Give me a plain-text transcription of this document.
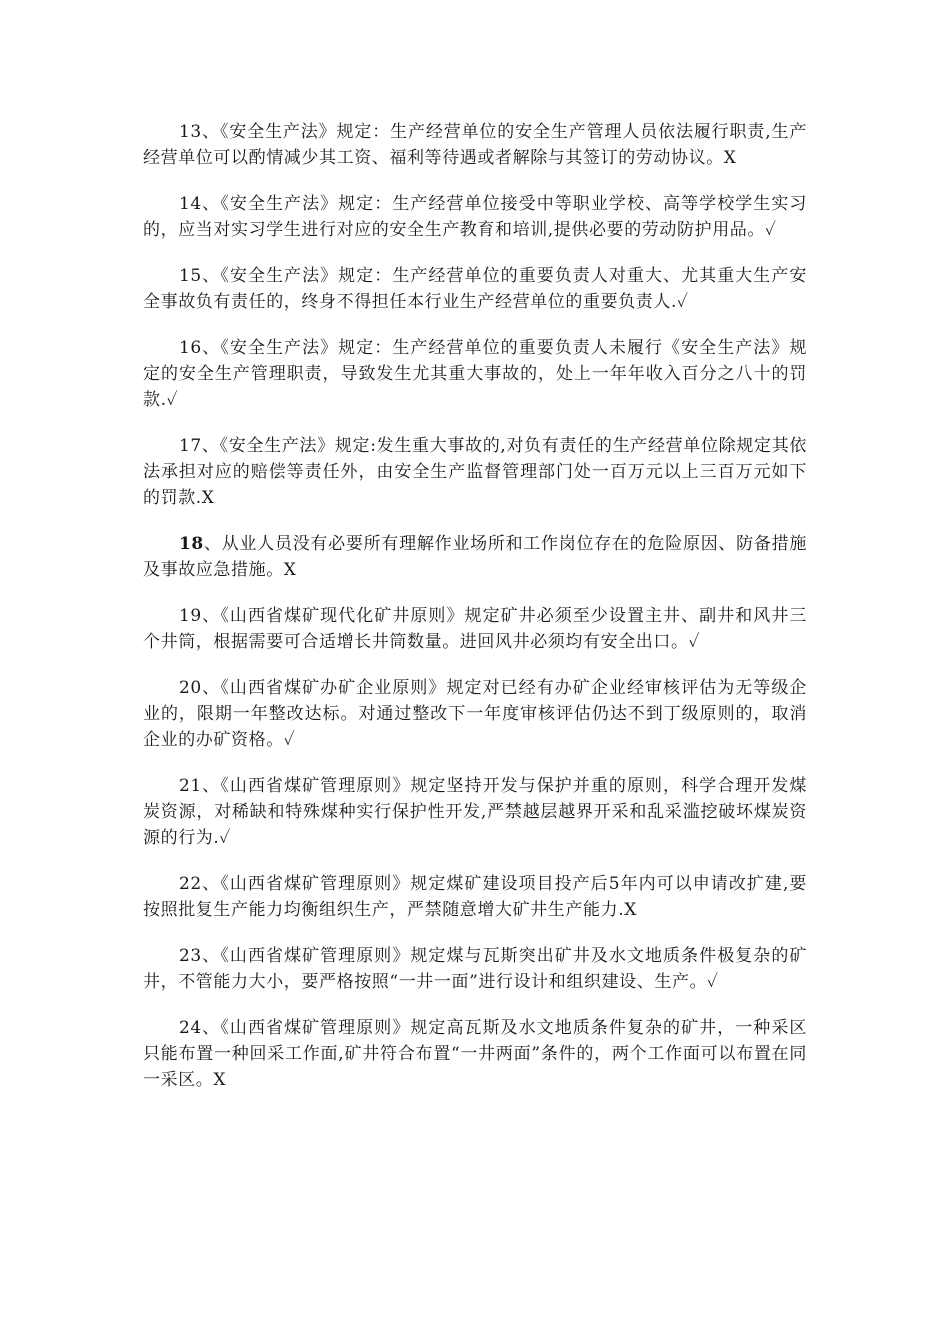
13、《安全生产法》规定：生产经营单位的安全生产管理人员依法履行职责,生产经营单位可以酌情减少其工资、福利等待遇或者解除与其签订的劳动协议。X

14、《安全生产法》规定：生产经营单位接受中等职业学校、高等学校学生实习的，应当对实习学生进行对应的安全生产教育和培训,提供必要的劳动防护用品。✓

15、《安全生产法》规定：生产经营单位的重要负责人对重大、尤其重大生产安全事故负有责任的，终身不得担任本行业生产经营单位的重要负责人.✓

16、《安全生产法》规定：生产经营单位的重要负责人未履行《安全生产法》规定的安全生产管理职责，导致发生尤其重大事故的，处上一年年收入百分之八十的罚款.✓

17、《安全生产法》规定:发生重大事故的,对负有责任的生产经营单位除规定其依法承担对应的赔偿等责任外，由安全生产监督管理部门处一百万元以上三百万元如下的罚款.X

18、从业人员没有必要所有理解作业场所和工作岗位存在的危险原因、防备措施及事故应急措施。X

19、《山西省煤矿现代化矿井原则》规定矿井必须至少设置主井、副井和风井三个井筒，根据需要可合适增长井筒数量。进回风井必须均有安全出口。✓

20、《山西省煤矿办矿企业原则》规定对已经有办矿企业经审核评估为无等级企业的，限期一年整改达标。对通过整改下一年度审核评估仍达不到丁级原则的，取消企业的办矿资格。✓

21、《山西省煤矿管理原则》规定坚持开发与保护并重的原则，科学合理开发煤炭资源，对稀缺和特殊煤种实行保护性开发,严禁越层越界开采和乱采滥挖破坏煤炭资源的行为.✓

22、《山西省煤矿管理原则》规定煤矿建设项目投产后5年内可以申请改扩建,要按照批复生产能力均衡组织生产，严禁随意增大矿井生产能力.X

23、《山西省煤矿管理原则》规定煤与瓦斯突出矿井及水文地质条件极复杂的矿井，不管能力大小，要严格按照“一井一面”进行设计和组织建设、生产。✓

24、《山西省煤矿管理原则》规定高瓦斯及水文地质条件复杂的矿井，一种采区只能布置一种回采工作面,矿井符合布置“一井两面”条件的，两个工作面可以布置在同一采区。X
